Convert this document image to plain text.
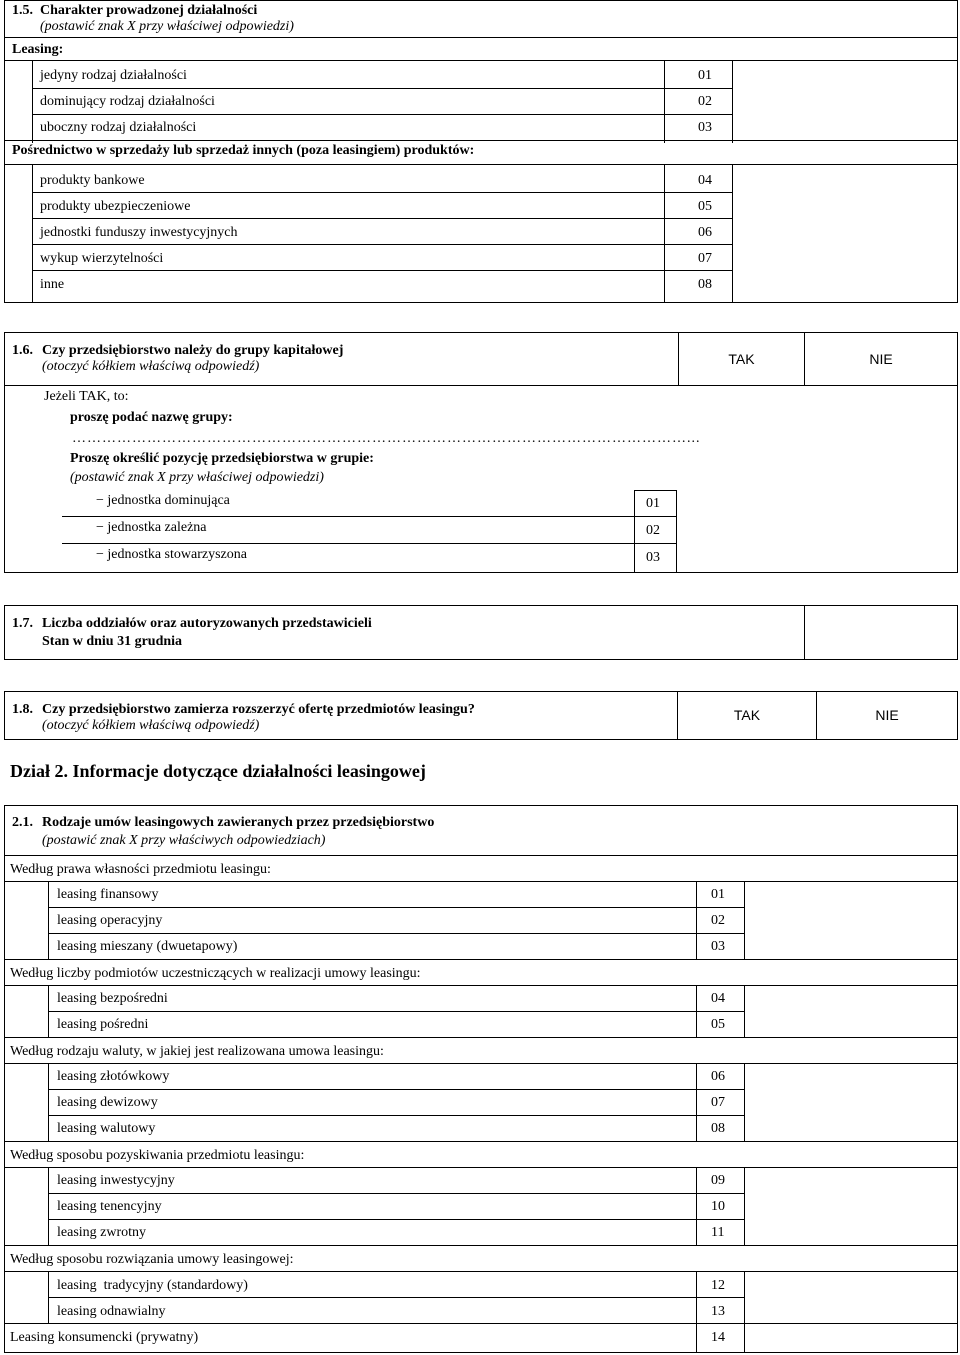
1.5. Charakter prowadzonej działalności
(postawić znak X przy właściwej odpowiedzi)
Leasing:
jedyny rodzaj działalności	01
dominujący rodzaj działalności	02
uboczny rodzaj działalności	03
Pośrednictwo w sprzedaży lub sprzedaż innych (poza leasingiem) produktów:
produkty bankowe	04
produkty ubezpieczeniowe	05
jednostki funduszy inwestycyjnych	06
wykup wierzytelności	07
inne	08
1.6. Czy przedsiębiorstwo należy do grupy kapitałowej
(otoczyć kółkiem właściwą odpowiedź)	TAK	NIE
Jeżeli TAK, to:
proszę podać nazwę grupy:
……………………………………………………………………………………………………………...
Proszę określić pozycję przedsiębiorstwa w grupie:
(postawić znak X przy właściwej odpowiedzi)
− jednostka dominująca	01
− jednostka zależna	02
− jednostka stowarzyszona	03
1.7. Liczba oddziałów oraz autoryzowanych przedstawicieli
Stan w dniu 31 grudnia
1.8. Czy przedsiębiorstwo zamierza rozszerzyć ofertę przedmiotów leasingu?
(otoczyć kółkiem właściwą odpowiedź)
TAK	NIE
Dział 2. Informacje dotyczące działalności leasingowej
2.1. Rodzaje umów leasingowych zawieranych przez przedsiębiorstwo
(postawić znak X przy właściwych odpowiedziach)
Według prawa własności przedmiotu leasingu:
leasing finansowy	01
leasing operacyjny	02
leasing mieszany (dwuetapowy)	03
Według liczby podmiotów uczestniczących w realizacji umowy leasingu:
leasing bezpośredni	04
leasing pośredni	05
Według rodzaju waluty, w jakiej jest realizowana umowa leasingu:
leasing złotówkowy	06
leasing dewizowy	07
leasing walutowy	08
Według sposobu pozyskiwania przedmiotu leasingu:
leasing inwestycyjny	09
leasing tenencyjny	10
leasing zwrotny	11
Według sposobu rozwiązania umowy leasingowej:
leasing  tradycyjny (standardowy)	12
leasing odnawialny	13
Leasing konsumencki (prywatny)	14
